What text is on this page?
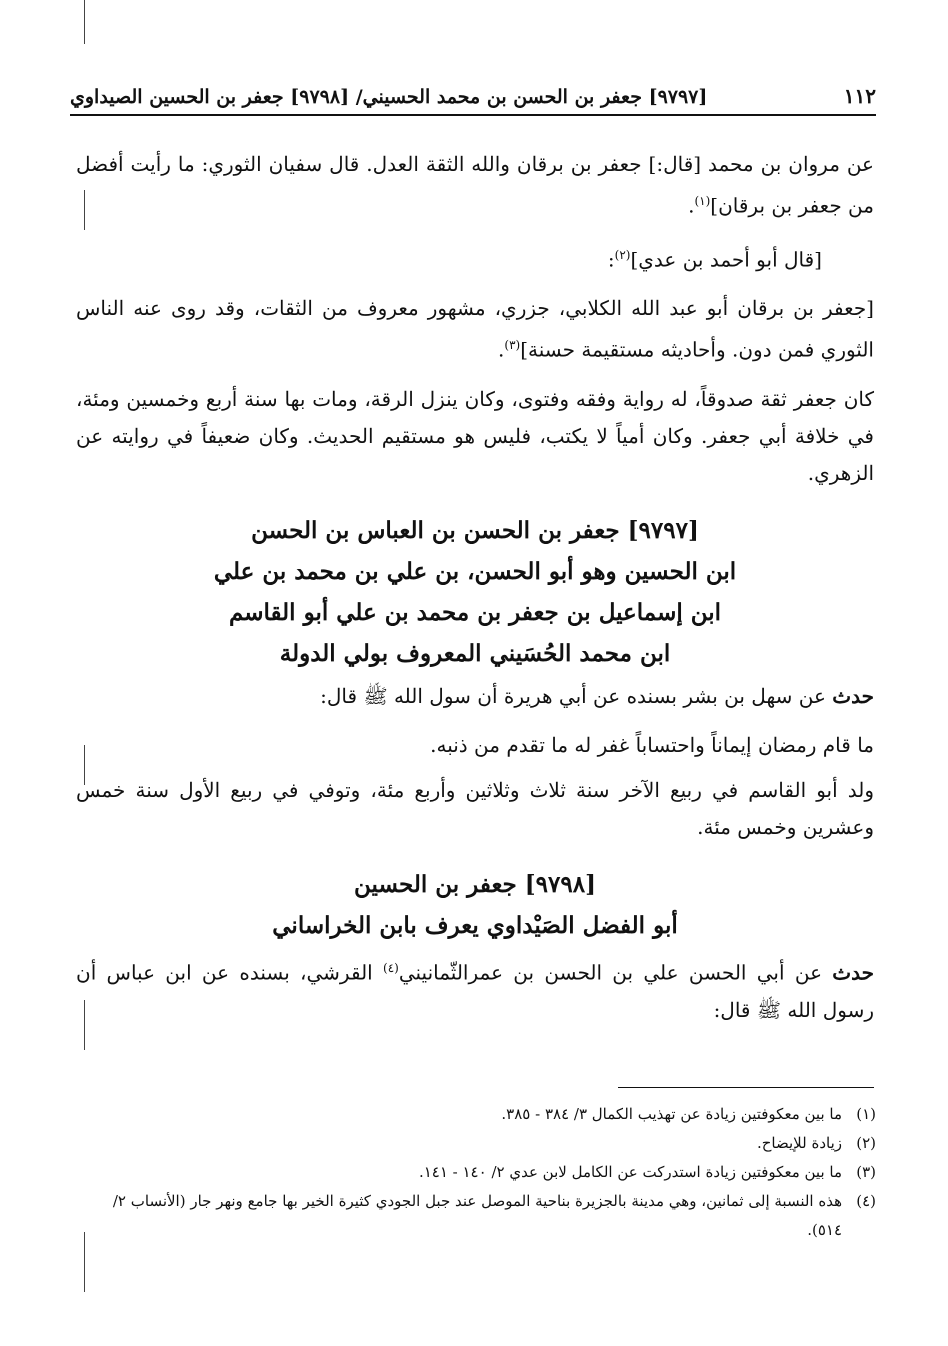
١١٢
[٩٧٩٧] جعفر بن الحسن بن محمد الحسيني/ [٩٧٩٨] جعفر بن الحسين الصيداوي

عن مروان بن محمد [قال:] جعفر بن برقان والله الثقة العدل. قال سفيان الثوري: ما رأيت أفضل من جعفر بن برقان]$^{(١)}$.

[قال أبو أحمد بن عدي]$^{(٢)}$:

[جعفر بن برقان أبو عبد الله الكلابي، جزري، مشهور معروف من الثقات، وقد روى عنه الناس الثوري فمن دون. وأحاديثه مستقيمة حسنة]$^{(٣)}$.

كان جعفر ثقة صدوقاً، له رواية وفقه وفتوى، وكان ينزل الرقة، ومات بها سنة أربع وخمسين ومئة، في خلافة أبي جعفر. وكان أمياً لا يكتب، فليس هو مستقيم الحديث. وكان ضعيفاً في روايته عن الزهري.

[٩٧٩٧] جعفر بن الحسن بن العباس بن الحسن
ابن الحسين وهو أبو الحسن، بن علي بن محمد بن علي
ابن إسماعيل بن جعفر بن محمد بن علي أبو القاسم
ابن محمد الحُسَيني المعروف بولي الدولة

حدث عن سهل بن بشر بسنده عن أبي هريرة أن سول الله ﷺ قال:

ما قام رمضان إيماناً واحتساباً غفر له ما تقدم من ذنبه.

ولد أبو القاسم في ربيع الآخر سنة ثلاث وثلاثين وأربع مئة، وتوفي في ربيع الأول سنة خمس وعشرين وخمس مئة.

[٩٧٩٨] جعفر بن الحسين
أبو الفضل الصَيْداوي يعرف بابن الخراساني

حدث عن أبي الحسن علي بن الحسن بن عمرالثّمانيني$^{(٤)}$ القرشي، بسنده عن ابن عباس أن رسول الله ﷺ قال:

(١)
ما بين معكوفتين زيادة عن تهذيب الكمال ٣/ ٣٨٤ - ٣٨٥.
(٢)
زيادة للإيضاح.
(٣)
ما بين معكوفتين زيادة استدركت عن الكامل لابن عدي ٢/ ١٤٠ - ١٤١.
(٤)
هذه النسبة إلى ثمانين، وهي مدينة بالجزيرة بناحية الموصل عند جبل الجودي كثيرة الخير بها جامع ونهر جار (الأنساب ٢/ ٥١٤).
